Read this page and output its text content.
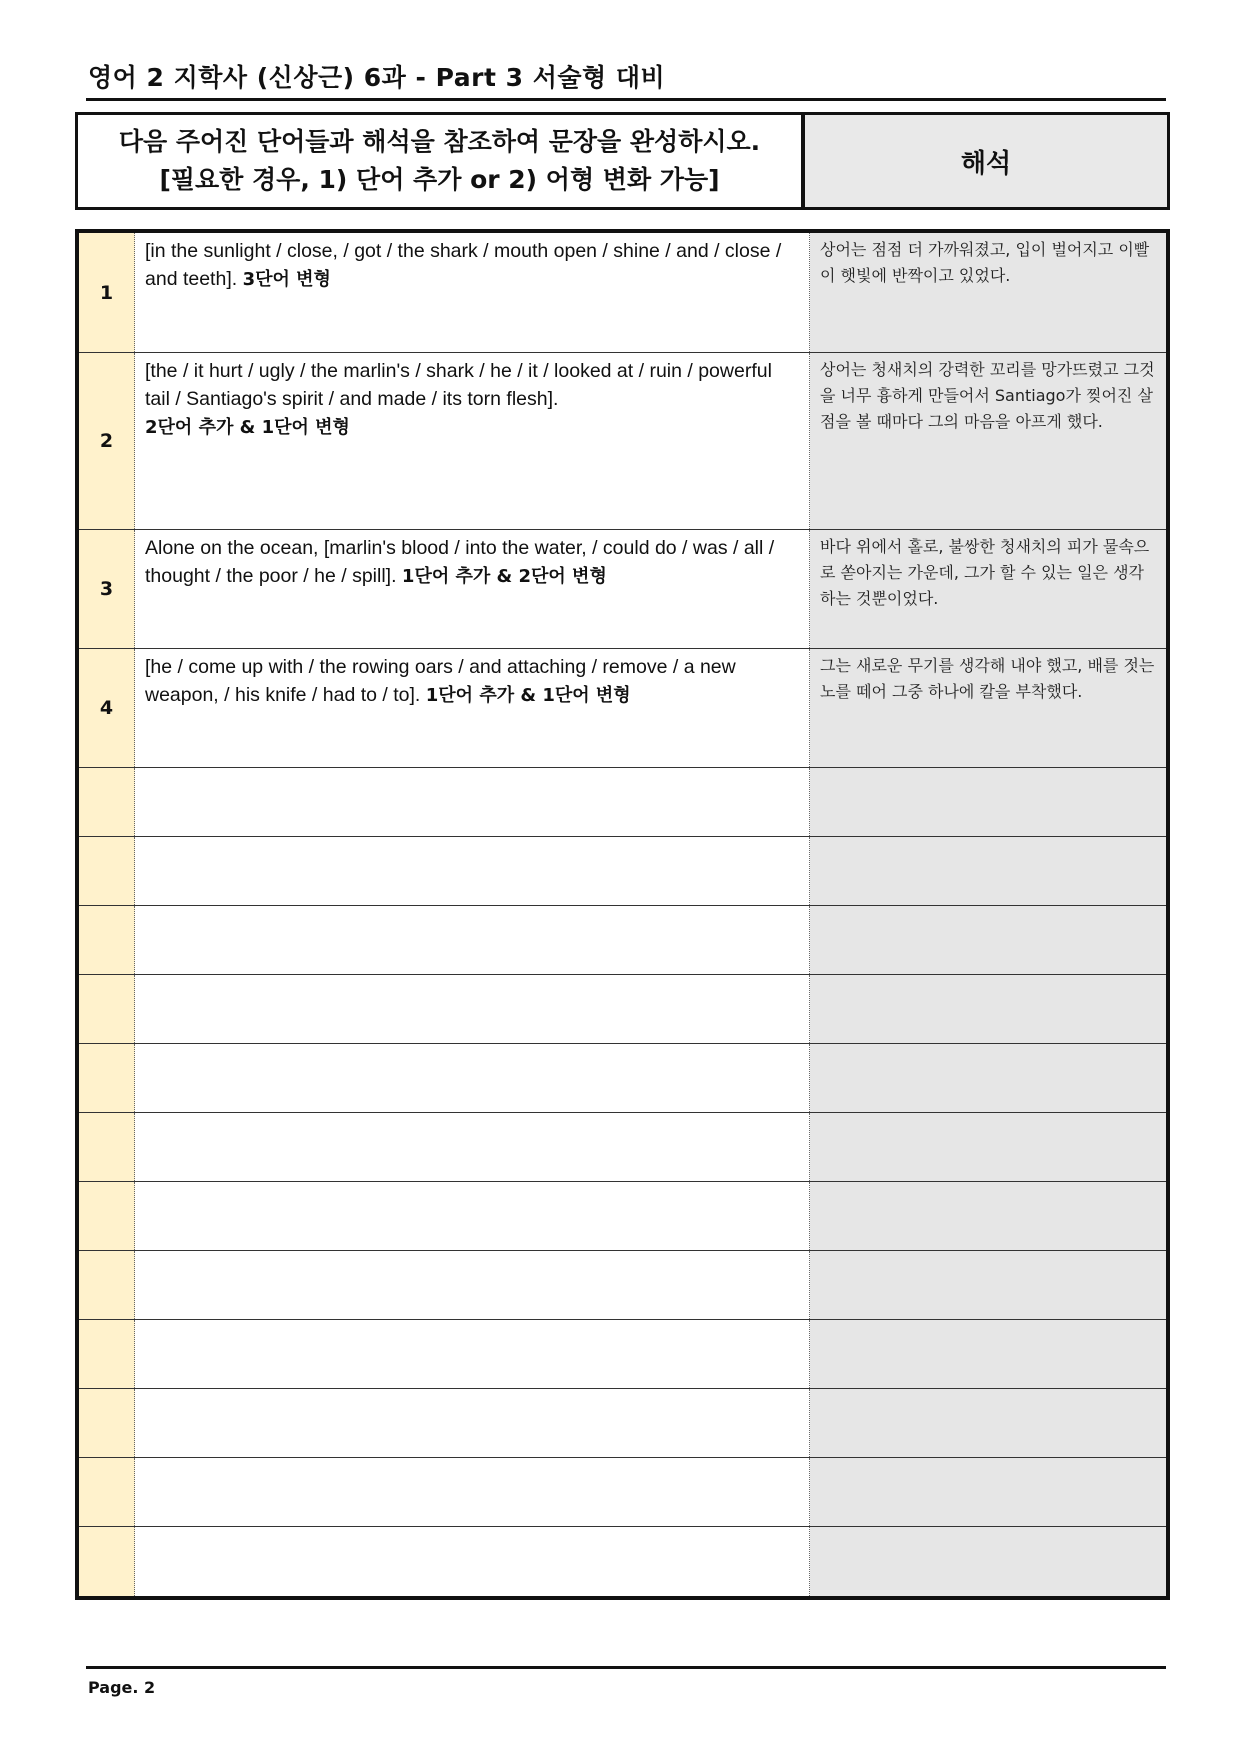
영어 2 지학사 (신상근) 6과 - Part 3 서술형 대비
다음 주어진 단어들과 해석을 참조하여 문장을 완성하시오.
[필요한 경우, 1) 단어 추가 or 2) 어형 변화 가능]
해석
1
[in the sunlight / close, / got / the shark / mouth open / shine / and / close / and teeth]. 3단어 변형
상어는 점점 더 가까워졌고, 입이 벌어지고 이빨이 햇빛에 반짝이고 있었다.
2
[the / it hurt / ugly / the marlin's / shark / he / it / looked at / ruin / powerful tail / Santiago's spirit / and made / its torn flesh].
2단어 추가 & 1단어 변형
상어는 청새치의 강력한 꼬리를 망가뜨렸고 그것을 너무 흉하게 만들어서 Santiago가 찢어진 살점을 볼 때마다 그의 마음을 아프게 했다.
3
Alone on the ocean, [marlin's blood / into the water, / could do / was / all / thought / the poor / he / spill]. 1단어 추가 & 2단어 변형
바다 위에서 홀로, 불쌍한 청새치의 피가 물속으로 쏟아지는 가운데, 그가 할 수 있는 일은 생각하는 것뿐이었다.
4
[he / come up with / the rowing oars / and attaching / remove / a new weapon, / his knife / had to / to]. 1단어 추가 & 1단어 변형
그는 새로운 무기를 생각해 내야 했고, 배를 젓는 노를 떼어 그중 하나에 칼을 부착했다.
Page. 2
